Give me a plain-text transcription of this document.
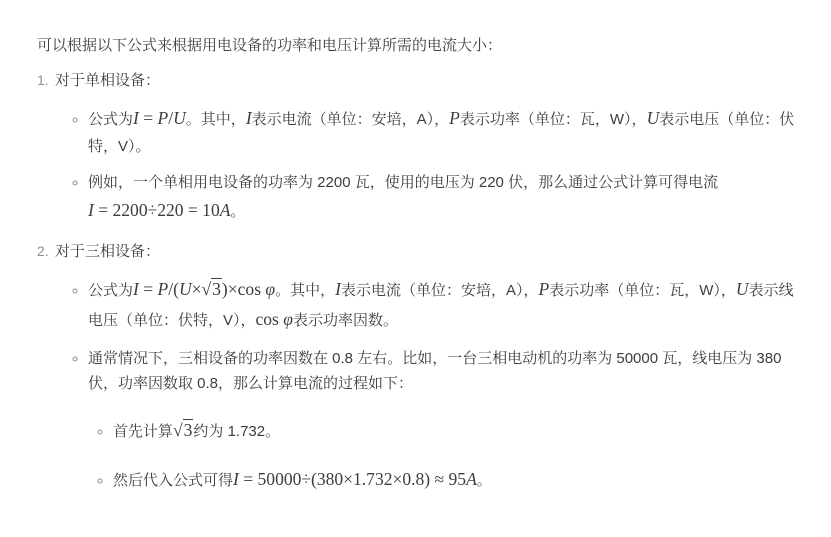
可以根据以下公式来根据用电设备的功率和电压计算所需的电流大小：

1. 对于单相设备：

◦ 公式为I = P/U。其中，I表示电流（单位：安培，A），P表示功率（单位：瓦，W），U表示电压（单位：伏特，V）。
◦ 例如，一个单相用电设备的功率为 2200 瓦，使用的电压为 220 伏，那么通过公式计算可得电流I = 2200÷220 = 10A。
2. 对于三相设备：

◦ 公式为I = P/(U×√3)×cos φ。其中，I表示电流（单位：安培，A），P表示功率（单位：瓦，W），U表示线电压（单位：伏特，V），cos φ表示功率因数。
◦ 通常情况下，三相设备的功率因数在 0.8 左右。比如，一台三相电动机的功率为 50000 瓦，线电压为 380 伏，功率因数取 0.8，那么计算电流的过程如下：
◦ 首先计算√3约为 1.732。
◦ 然后代入公式可得I = 50000÷(380×1.732×0.8) ≈ 95A。
